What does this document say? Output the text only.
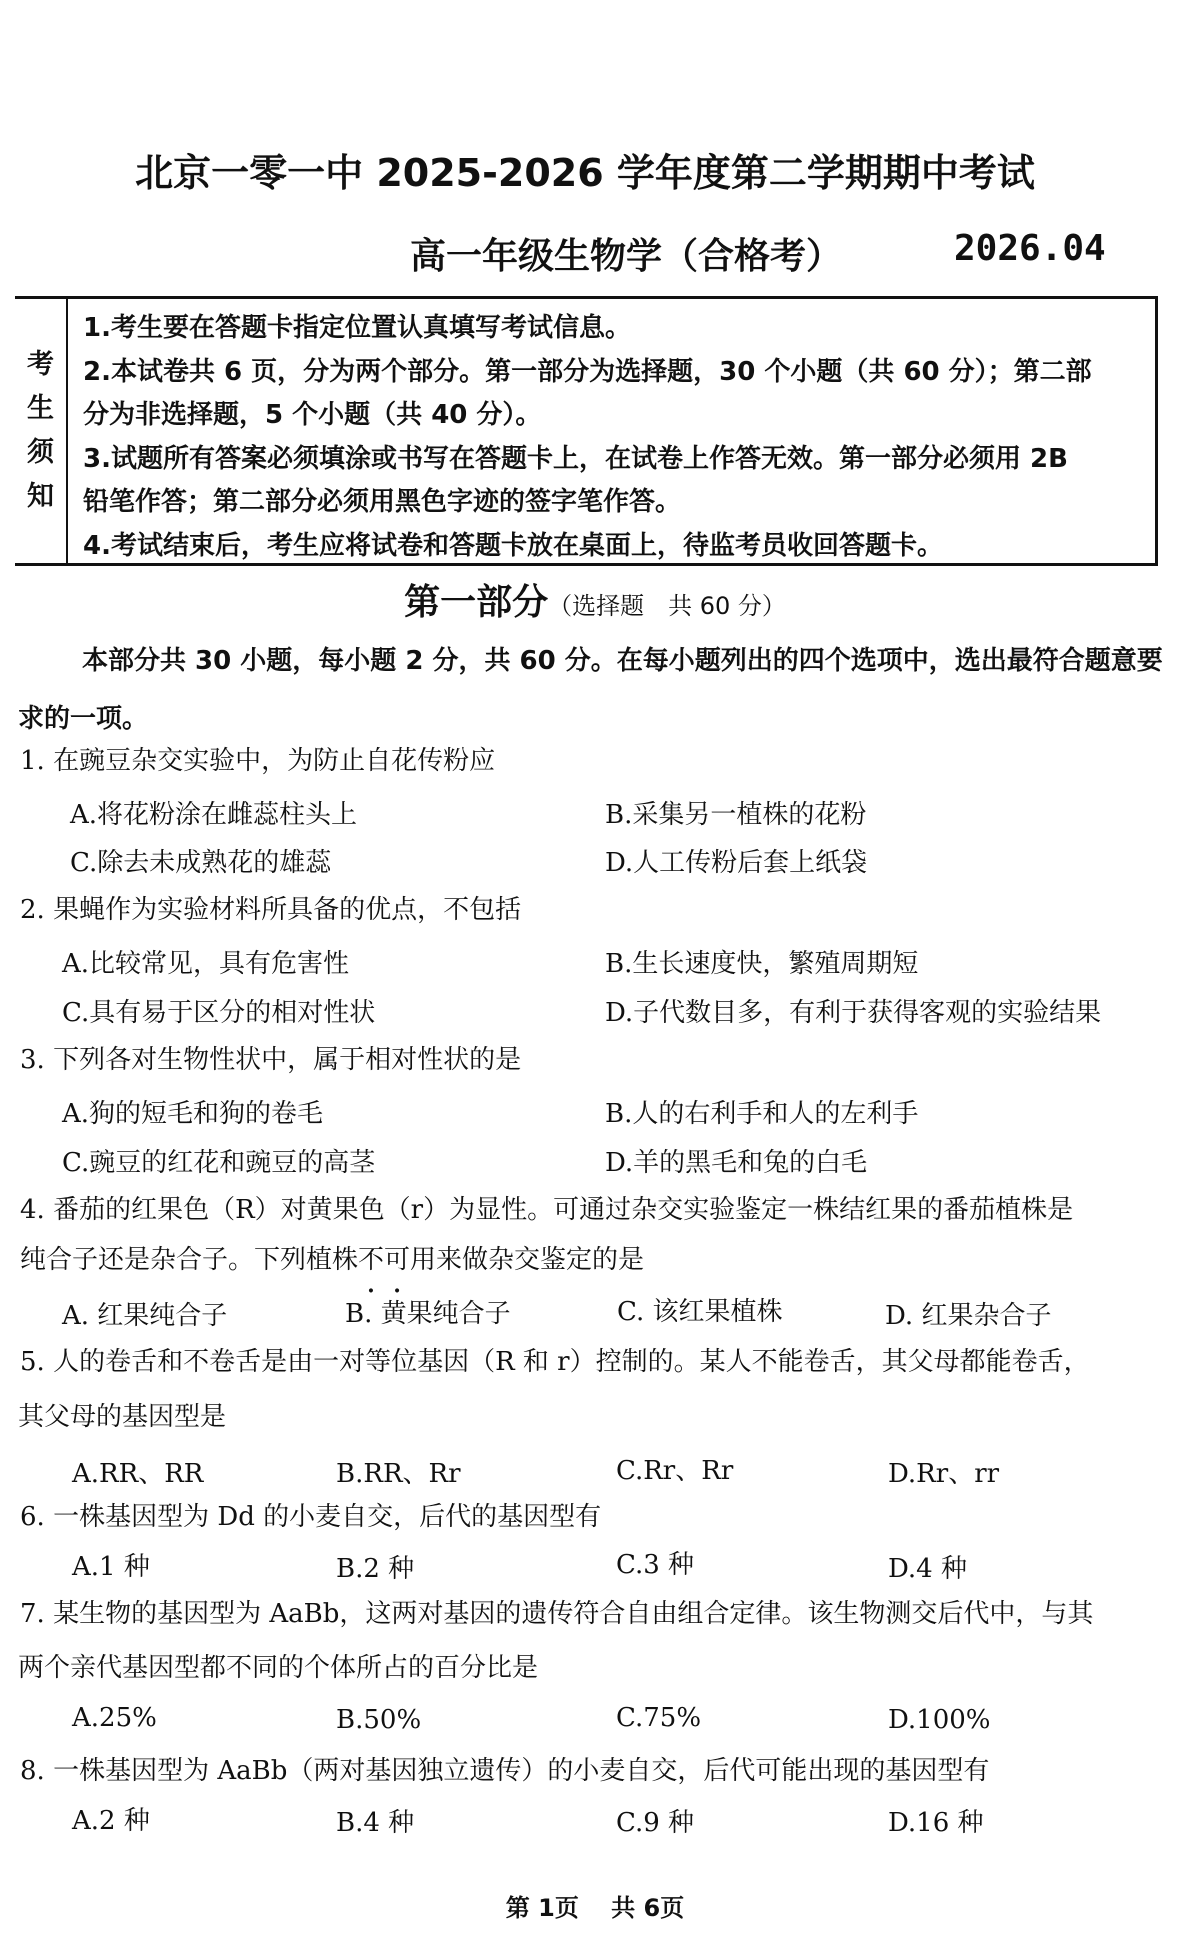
北京一零一中 2025-2026 学年度第二学期期中考试
高一年级生物学（合格考）	2026.04
考
生
须
知
1.考生要在答题卡指定位置认真填写考试信息。
2.本试卷共 6 页，分为两个部分。第一部分为选择题，30 个小题（共 60 分）；第二部
分为非选择题，5 个小题（共 40 分）。
3.试题所有答案必须填涂或书写在答题卡上，在试卷上作答无效。第一部分必须用 2B
铅笔作答；第二部分必须用黑色字迹的签字笔作答。
4.考试结束后，考生应将试卷和答题卡放在桌面上，待监考员收回答题卡。
第一部分（选择题　共 60 分）
本部分共 30 小题，每小题 2 分，共 60 分。在每小题列出的四个选项中，选出最符合题意要求的一项。
1. 在豌豆杂交实验中，为防止自花传粉应
A.将花粉涂在雌蕊柱头上	B.采集另一植株的花粉
C.除去未成熟花的雄蕊	D.人工传粉后套上纸袋
2. 果蝇作为实验材料所具备的优点，不包括
A.比较常见，具有危害性	B.生长速度快，繁殖周期短
C.具有易于区分的相对性状	D.子代数目多，有利于获得客观的实验结果
3. 下列各对生物性状中，属于相对性状的是
A.狗的短毛和狗的卷毛	B.人的右利手和人的左利手
C.豌豆的红花和豌豆的高茎	D.羊的黑毛和兔的白毛
4. 番茄的红果色（R）对黄果色（r）为显性。可通过杂交实验鉴定一株结红果的番茄植株是
纯合子还是杂合子。下列植株不可用来做杂交鉴定的是
A. 红果纯合子	B. 黄果纯合子	C. 该红果植株	D. 红果杂合子
5. 人的卷舌和不卷舌是由一对等位基因（R 和 r）控制的。某人不能卷舌，其父母都能卷舌，
其父母的基因型是
A.RR、RR	B.RR、Rr	C.Rr、Rr	D.Rr、rr
6. 一株基因型为 Dd 的小麦自交，后代的基因型有
A.1 种	B.2 种	C.3 种	D.4 种
7. 某生物的基因型为 AaBb，这两对基因的遗传符合自由组合定律。该生物测交后代中，与其
两个亲代基因型都不同的个体所占的百分比是
A.25%	B.50%	C.75%	D.100%
8. 一株基因型为 AaBb（两对基因独立遗传）的小麦自交，后代可能出现的基因型有
A.2 种	B.4 种	C.9 种	D.16 种
第 1页　 共 6页
